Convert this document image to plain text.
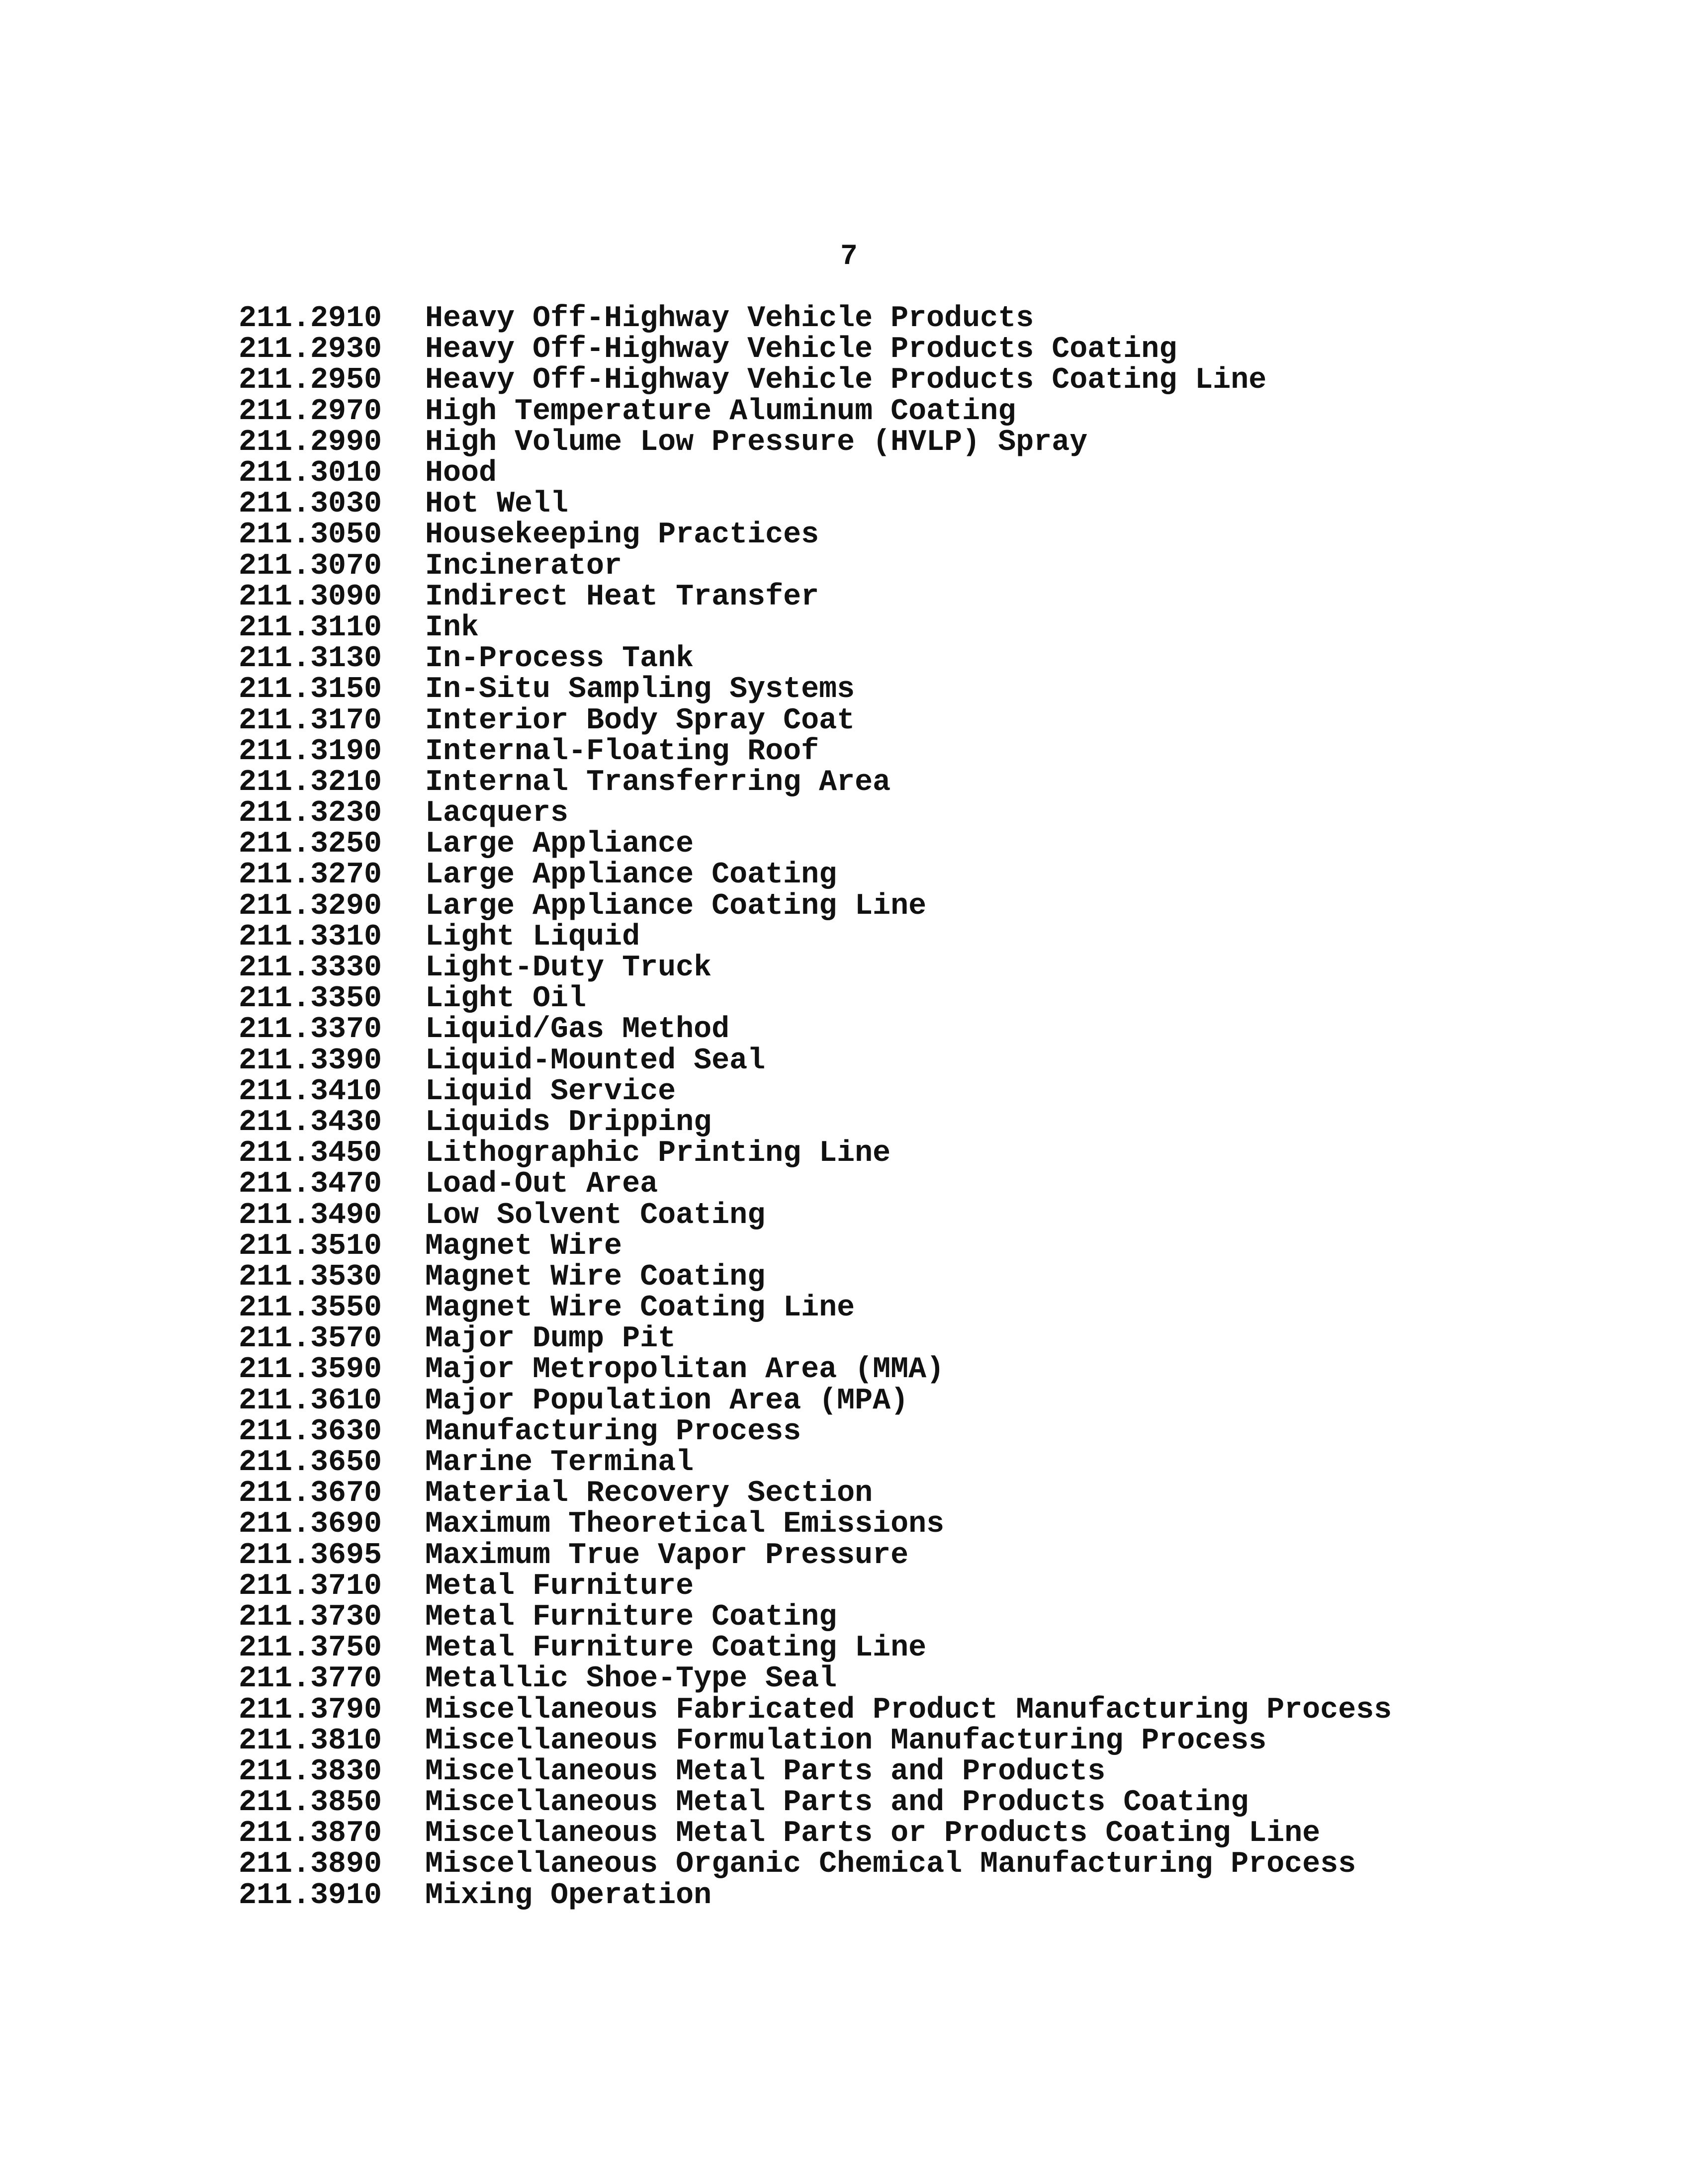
7
211.2910	Heavy Off-Highway Vehicle Products
211.2930	Heavy Off-Highway Vehicle Products Coating
211.2950	Heavy Off-Highway Vehicle Products Coating Line
211.2970	High Temperature Aluminum Coating
211.2990	High Volume Low Pressure (HVLP) Spray
211.3010	Hood
211.3030	Hot Well
211.3050	Housekeeping Practices
211.3070	Incinerator
211.3090	Indirect Heat Transfer
211.3110	Ink
211.3130	In-Process Tank
211.3150	In-Situ Sampling Systems
211.3170	Interior Body Spray Coat
211.3190	Internal-Floating Roof
211.3210	Internal Transferring Area
211.3230	Lacquers
211.3250	Large Appliance
211.3270	Large Appliance Coating
211.3290	Large Appliance Coating Line
211.3310	Light Liquid
211.3330	Light-Duty Truck
211.3350	Light Oil
211.3370	Liquid/Gas Method
211.3390	Liquid-Mounted Seal
211.3410	Liquid Service
211.3430	Liquids Dripping
211.3450	Lithographic Printing Line
211.3470	Load-Out Area
211.3490	Low Solvent Coating
211.3510	Magnet Wire
211.3530	Magnet Wire Coating
211.3550	Magnet Wire Coating Line
211.3570	Major Dump Pit
211.3590	Major Metropolitan Area (MMA)
211.3610	Major Population Area (MPA)
211.3630	Manufacturing Process
211.3650	Marine Terminal
211.3670	Material Recovery Section
211.3690	Maximum Theoretical Emissions
211.3695	Maximum True Vapor Pressure
211.3710	Metal Furniture
211.3730	Metal Furniture Coating
211.3750	Metal Furniture Coating Line
211.3770	Metallic Shoe-Type Seal
211.3790	Miscellaneous Fabricated Product Manufacturing Process
211.3810	Miscellaneous Formulation Manufacturing Process
211.3830	Miscellaneous Metal Parts and Products
211.3850	Miscellaneous Metal Parts and Products Coating
211.3870	Miscellaneous Metal Parts or Products Coating Line
211.3890	Miscellaneous Organic Chemical Manufacturing Process
211.3910	Mixing Operation
